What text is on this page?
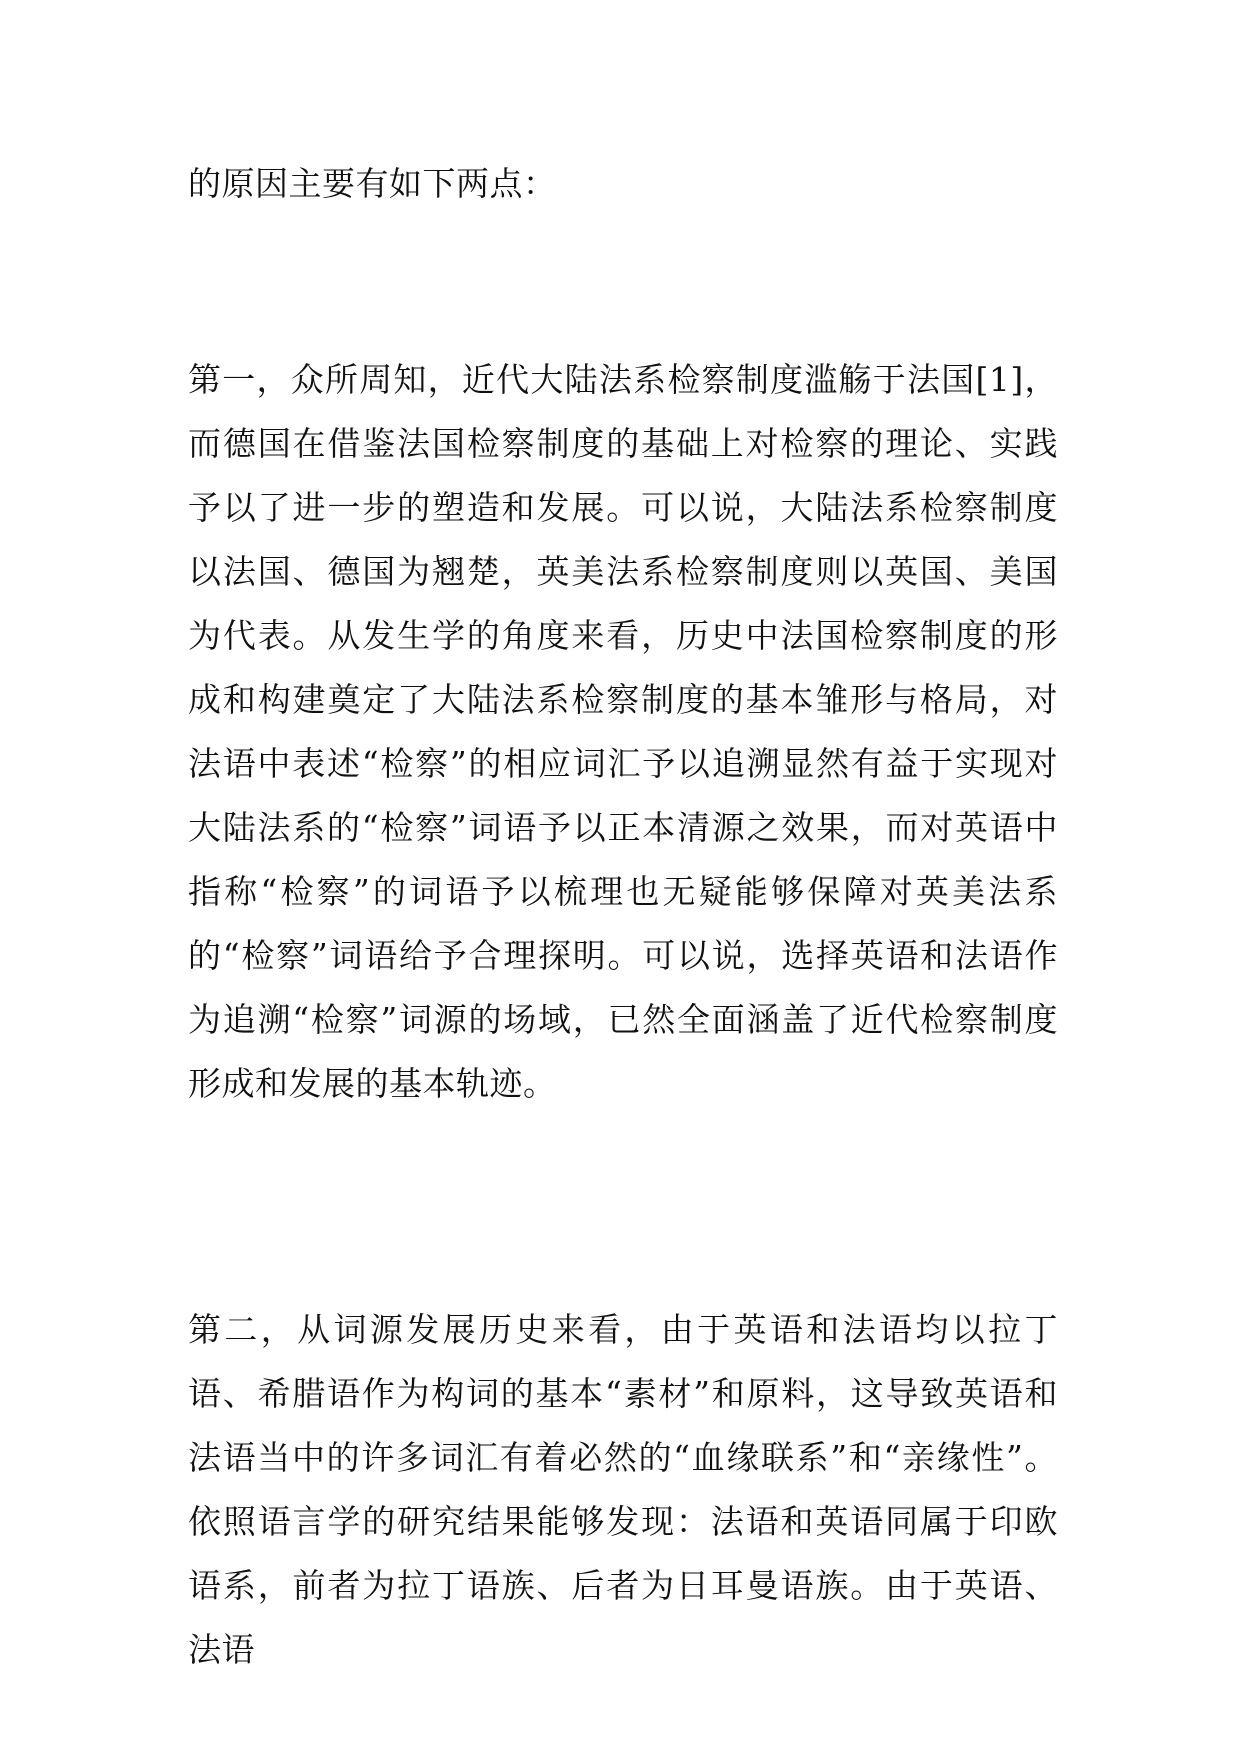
的原因主要有如下两点：

第一，众所周知，近代大陆法系检察制度滥觞于法国[1]，而德国在借鉴法国检察制度的基础上对检察的理论、实践予以了进一步的塑造和发展。可以说，大陆法系检察制度以法国、德国为翘楚，英美法系检察制度则以英国、美国为代表。从发生学的角度来看，历史中法国检察制度的形成和构建奠定了大陆法系检察制度的基本雏形与格局，对法语中表述“检察”的相应词汇予以追溯显然有益于实现对大陆法系的“检察”词语予以正本清源之效果，而对英语中指称“检察”的词语予以梳理也无疑能够保障对英美法系的“检察”词语给予合理探明。可以说，选择英语和法语作为追溯“检察”词源的场域，已然全面涵盖了近代检察制度形成和发展的基本轨迹。

第二，从词源发展历史来看，由于英语和法语均以拉丁语、希腊语作为构词的基本“素材”和原料，这导致英语和法语当中的许多词汇有着必然的“血缘联系”和“亲缘性”。依照语言学的研究结果能够发现：法语和英语同属于印欧语系，前者为拉丁语族、后者为日耳曼语族。由于英语、法语
